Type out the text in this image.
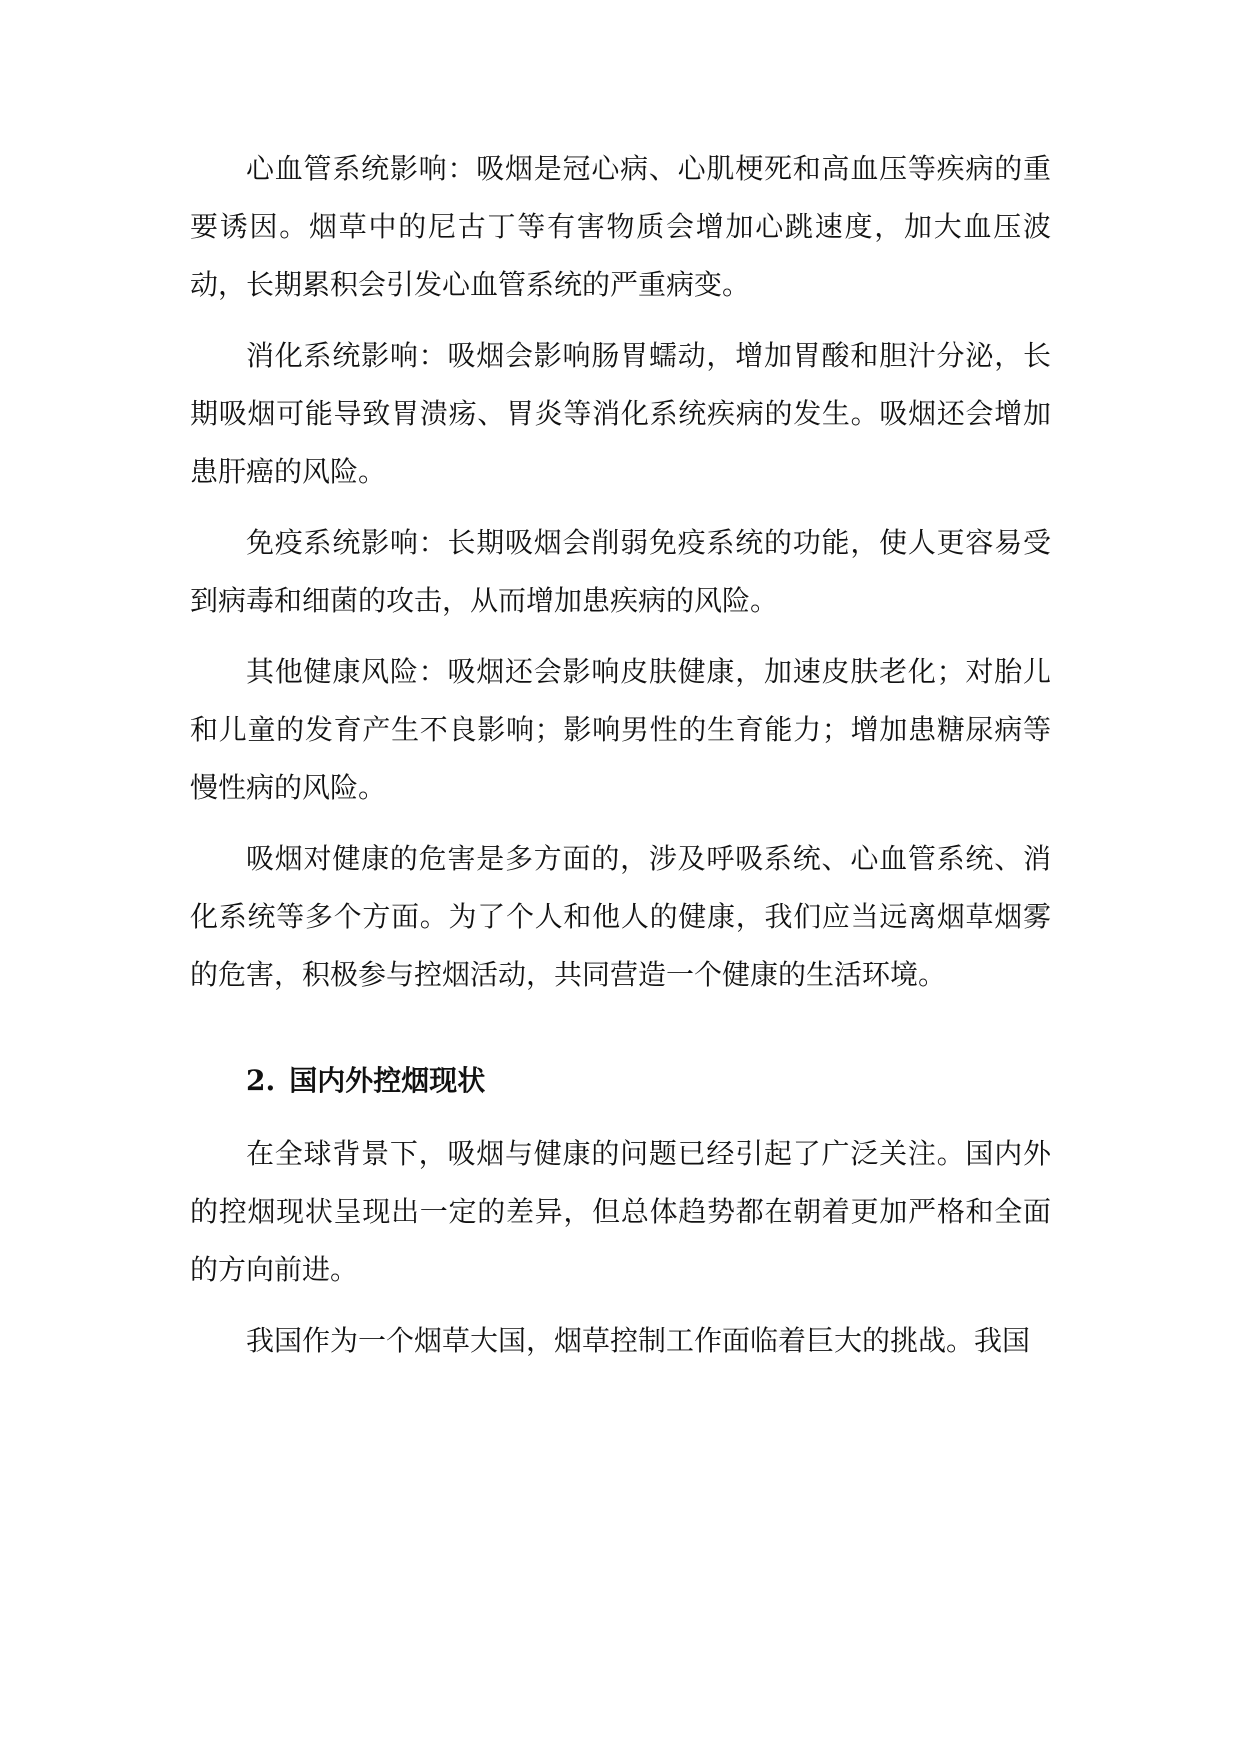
心血管系统影响：吸烟是冠心病、心肌梗死和高血压等疾病的重要诱因。烟草中的尼古丁等有害物质会增加心跳速度，加大血压波动，长期累积会引发心血管系统的严重病变。

消化系统影响：吸烟会影响肠胃蠕动，增加胃酸和胆汁分泌，长期吸烟可能导致胃溃疡、胃炎等消化系统疾病的发生。吸烟还会增加患肝癌的风险。

免疫系统影响：长期吸烟会削弱免疫系统的功能，使人更容易受到病毒和细菌的攻击，从而增加患疾病的风险。

其他健康风险：吸烟还会影响皮肤健康，加速皮肤老化；对胎儿和儿童的发育产生不良影响；影响男性的生育能力；增加患糖尿病等慢性病的风险。

吸烟对健康的危害是多方面的，涉及呼吸系统、心血管系统、消化系统等多个方面。为了个人和他人的健康，我们应当远离烟草烟雾的危害，积极参与控烟活动，共同营造一个健康的生活环境。

2. 国内外控烟现状

在全球背景下，吸烟与健康的问题已经引起了广泛关注。国内外的控烟现状呈现出一定的差异，但总体趋势都在朝着更加严格和全面的方向前进。

我国作为一个烟草大国，烟草控制工作面临着巨大的挑战。我国
